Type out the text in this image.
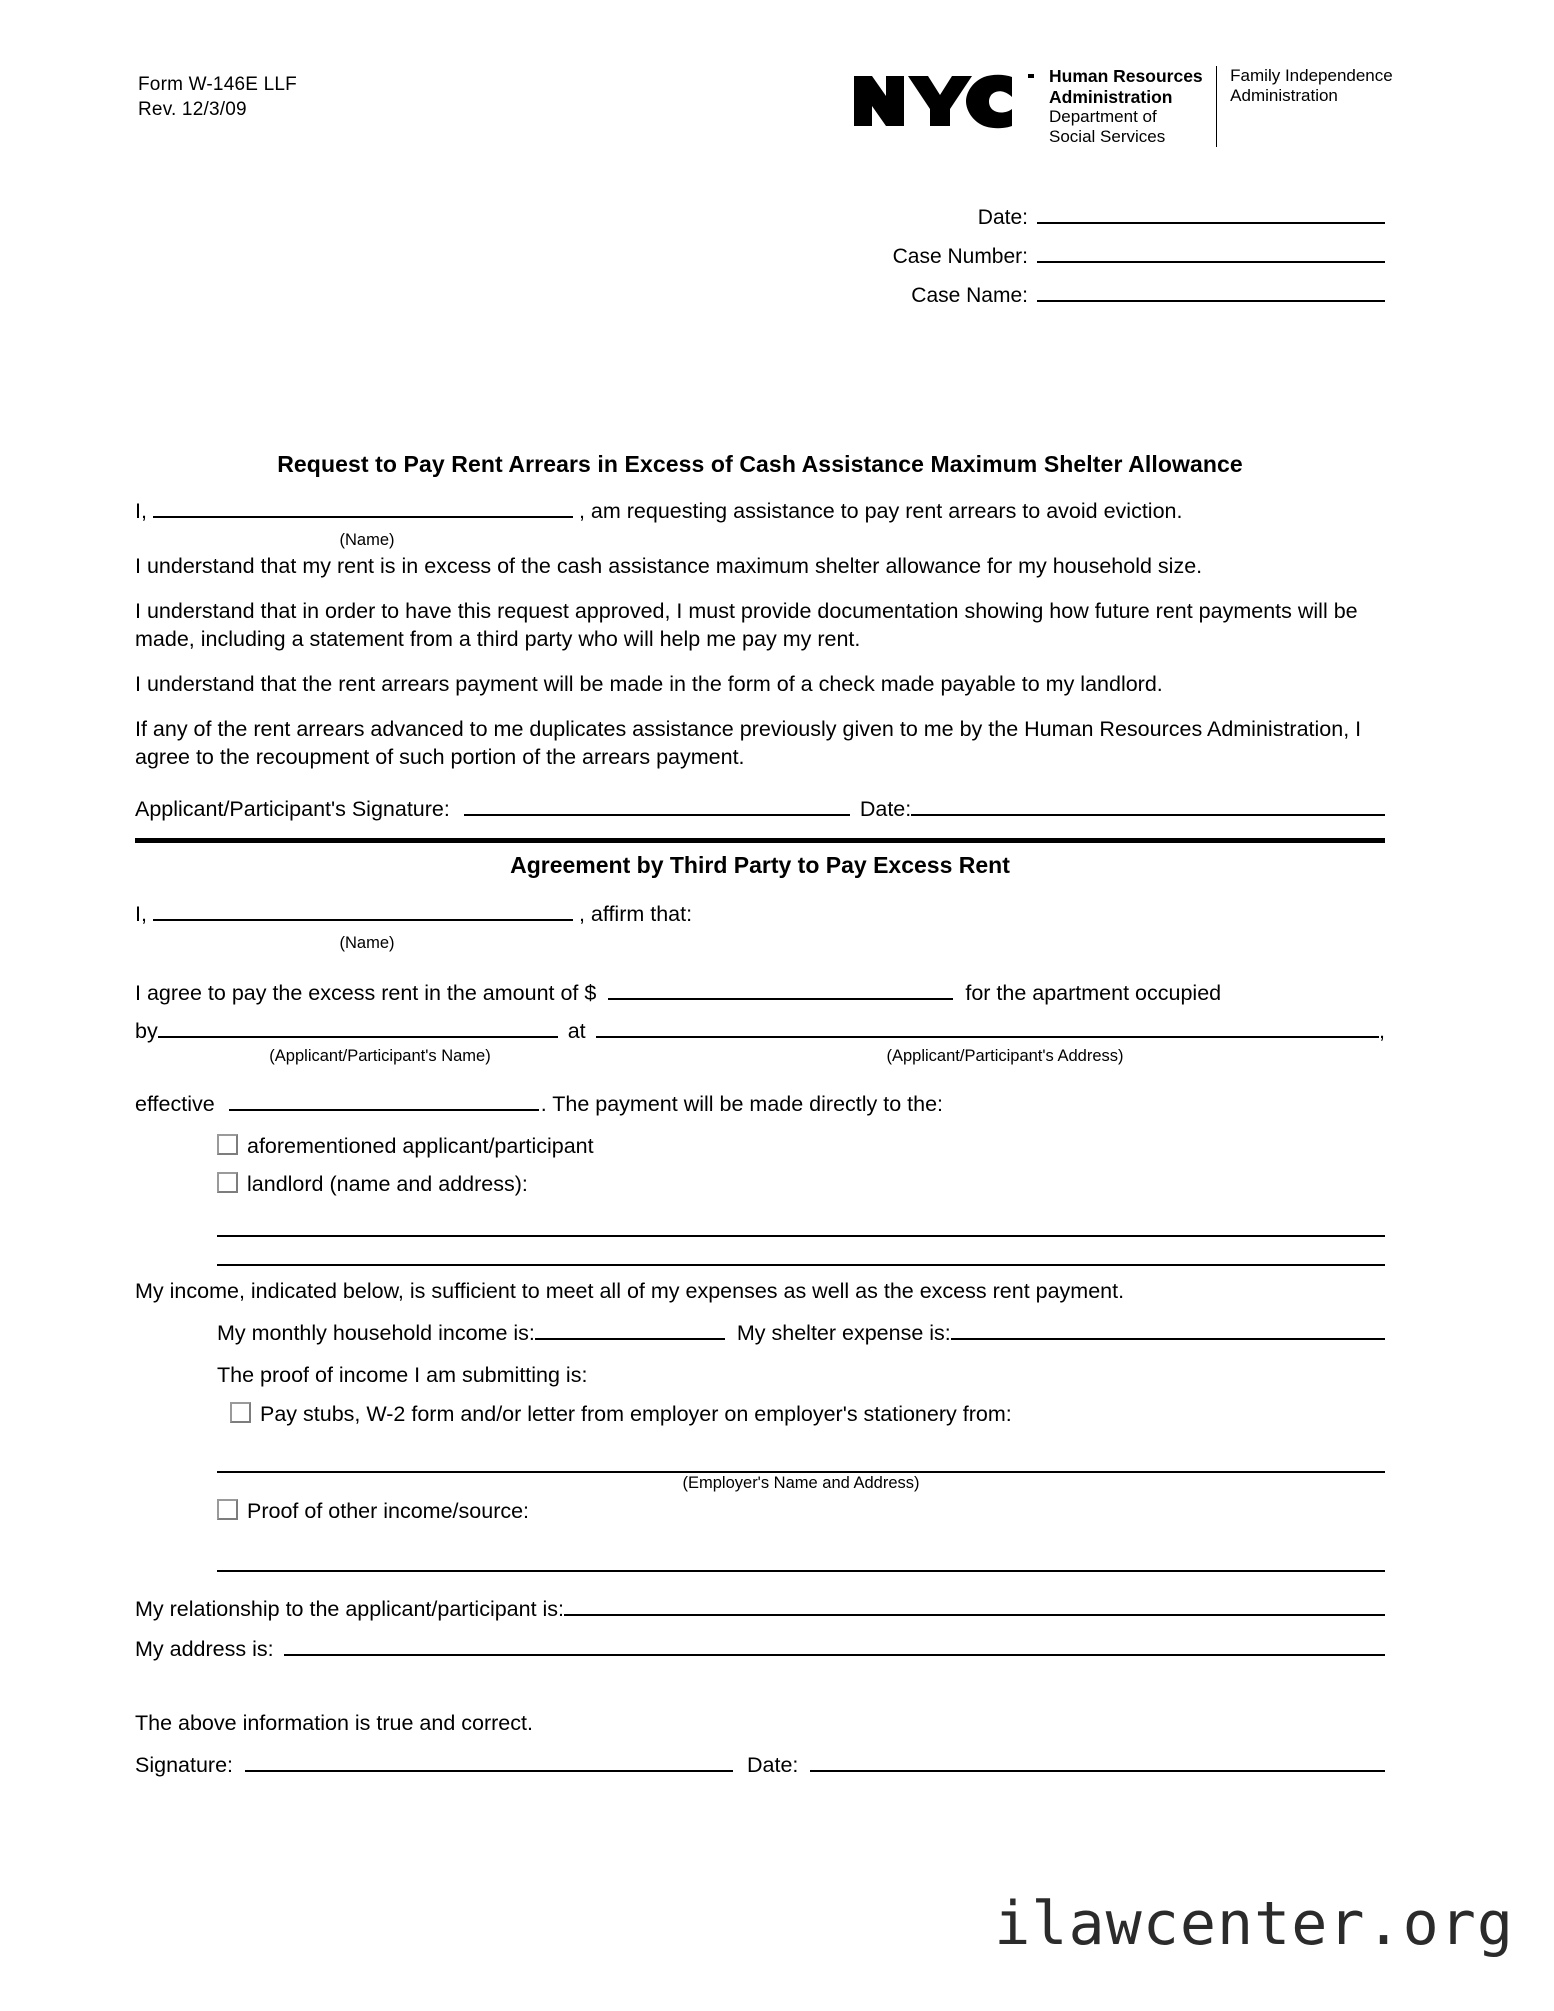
Form W-146E LLF
Rev. 12/3/09
Human Resources
Administration
Department of
Social Services
Family Independence
Administration
Date:
Case Number:
Case Name:
Request to Pay Rent Arrears in Excess of Cash Assistance Maximum Shelter Allowance
I,	, am requesting assistance to pay rent arrears to avoid eviction.
(Name)

I understand that my rent is in excess of the cash assistance maximum shelter allowance for my household size.

I understand that in order to have this request approved, I must provide documentation showing how future rent payments will be made, including a statement from a third party who will help me pay my rent.

I understand that the rent arrears payment will be made in the form of a check made payable to my landlord.

If any of the rent arrears advanced to me duplicates assistance previously given to me by the Human Resources Administration, I agree to the recoupment of such portion of the arrears payment.

Applicant/Participant's Signature:	Date:
Agreement by Third Party to Pay Excess Rent
I,	, affirm that:
(Name)
I agree to pay the excess rent in the amount of $	for the apartment occupied
by	at	,
(Applicant/Participant's Name)	(Applicant/Participant's Address)
effective	. The payment will be made directly to the:
aforementioned applicant/participant
landlord (name and address):

My income, indicated below, is sufficient to meet all of my expenses as well as the excess rent payment.

My monthly household income is:	My shelter expense is:
The proof of income I am submitting is:
Pay stubs, W-2 form and/or letter from employer on employer's stationery from:
(Employer's Name and Address)
Proof of other income/source:
My relationship to the applicant/participant is:
My address is:

The above information is true and correct.

Signature:	Date:
ilawcenter.org
